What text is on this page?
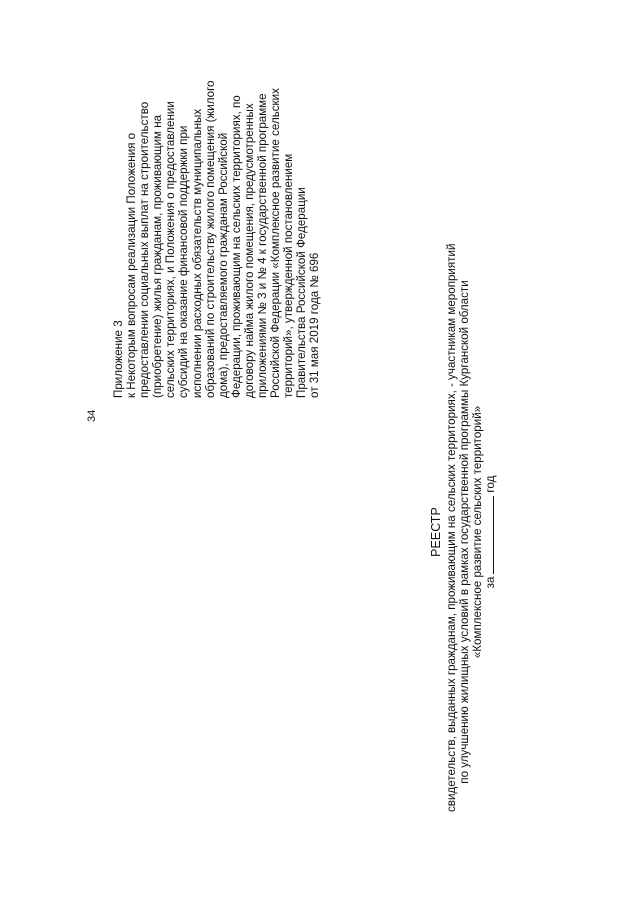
34
Приложение 3 к Некоторым вопросам реализации Положения о предоставлении социальных выплат на строительство (приобретение) жилья гражданам, проживающим на сельских территориях, и Положения о предоставлении субсидий на оказание финансовой поддержки при исполнении расходных обязательств муниципальных образований по строительству жилого помещения (жилого дома), предоставляемого гражданам Российской Федерации, проживающим на сельских территориях, по договору найма жилого помещения, предусмотренных приложениями № 3 и № 4 к государственной программе Российской Федерации «Комплексное развитие сельских территорий», утвержденной постановлением Правительства Российской Федерации от 31 мая 2019 года № 696
РЕЕСТР свидетельств, выданных гражданам, проживающим на сельских территориях, - участникам мероприятий по улучшению жилищных условий в рамках государственной программы Курганской области «Комплексное развитие сельских территорий» загод
